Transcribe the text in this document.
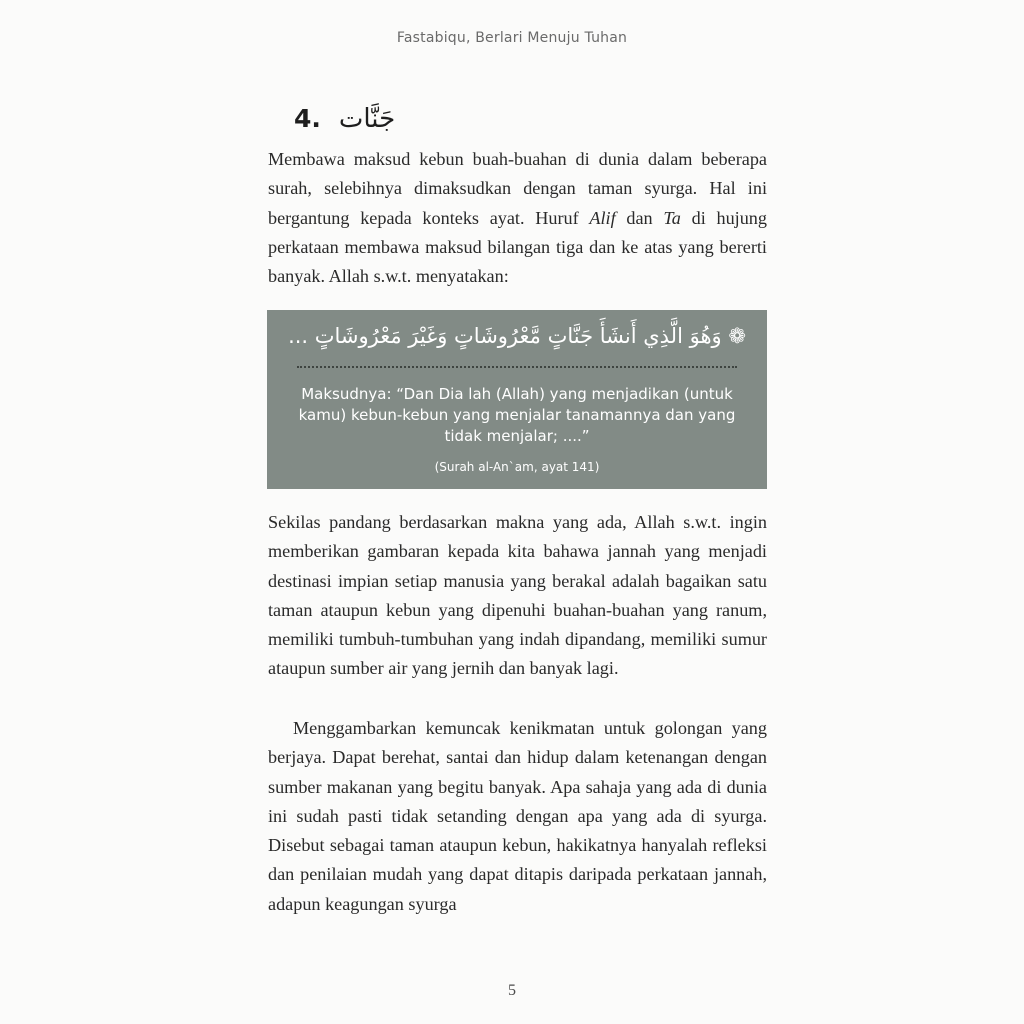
Fastabiqu, Berlari Menuju Tuhan
4. جَنَّات
Membawa maksud kebun buah-buahan di dunia dalam beberapa surah, selebihnya dimaksudkan dengan taman syurga. Hal ini bergantung kepada konteks ayat. Huruf Alif dan Ta di hujung perkataan membawa maksud bilangan tiga dan ke atas yang bererti banyak. Allah s.w.t. menyatakan:
❁ وَهُوَ الَّذِي أَنشَأَ جَنَّاتٍ مَّعْرُوشَاتٍ وَغَيْرَ مَعْرُوشَاتٍ ...
Maksudnya: “Dan Dia lah (Allah) yang menjadikan (untuk kamu) kebun-kebun yang menjalar tanamannya dan yang tidak menjalar; ....”
(Surah al-An`am, ayat 141)
Sekilas pandang berdasarkan makna yang ada, Allah s.w.t. ingin memberikan gambaran kepada kita bahawa jannah yang menjadi destinasi impian setiap manusia yang berakal adalah bagaikan satu taman ataupun kebun yang dipenuhi buahan-buahan yang ranum, memiliki tumbuh-tumbuhan yang indah dipandang, memiliki sumur ataupun sumber air yang jernih dan banyak lagi.
Menggambarkan kemuncak kenikmatan untuk golongan yang berjaya. Dapat berehat, santai dan hidup dalam ketenangan dengan sumber makanan yang begitu banyak. Apa sahaja yang ada di dunia ini sudah pasti tidak setanding dengan apa yang ada di syurga. Disebut sebagai taman ataupun kebun, hakikatnya hanyalah refleksi dan penilaian mudah yang dapat ditapis daripada perkataan jannah, adapun keagungan syurga
5
